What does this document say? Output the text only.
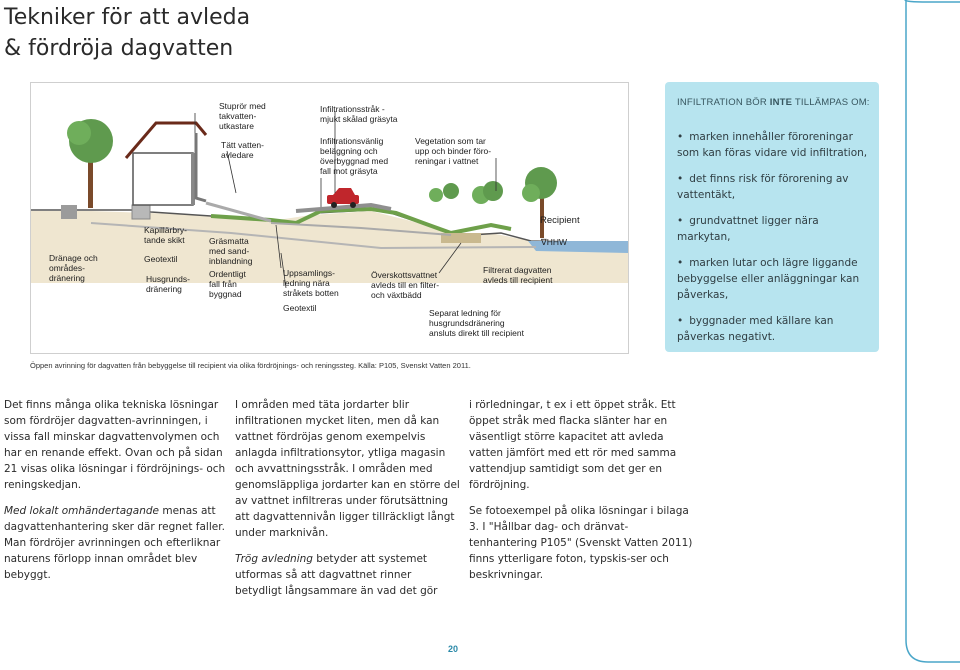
Tekniker för att avleda
& fördröja dagvatten
Stuprör med
takvatten-
utkastare
Tätt vatten-
avledare
Infiltrationsstråk -
mjukt skålad gräsyta
Infiltrationsvänlig
beläggning och
överbyggnad med
fall mot gräsyta
Vegetation som tar
upp och binder föro-
reningar i vattnet
Recipient
∇HHW
Dränage och
områdes-
dränering
Kapillärbry-
tande skikt
Geotextil
Husgrunds-
dränering
Gräsmatta
med sand-
inblandning
Ordentligt
fall från
byggnad
Uppsamlings-
ledning nära
stråkets botten
Geotextil
Överskottsvattnet
avleds till en filter-
och växtbädd
Filtrerat dagvatten
avleds till recipient
Separat ledning för
husgrundsdränering
ansluts direkt till recipient
INFILTRATION BÖR INTE TILLÄMPAS OM:
• marken innehåller föroreningar som kan föras vidare vid infiltration,
• det finns risk för förorening av vattentäkt,
• grundvattnet ligger nära markytan,
• marken lutar och lägre liggande bebyggelse eller anläggningar kan påverkas,
• byggnader med källare kan påverkas negativt.
Öppen avrinning för dagvatten från bebyggelse till recipient via olika fördröjnings- och reningssteg. Källa: P105, Svenskt Vatten 2011.

Det finns många olika tekniska lösningar som fördröjer dagvatten-avrinningen, i vissa fall minskar dagvattenvolymen och har en renande effekt. Ovan och på sidan 21 visas olika lösningar i fördröjnings- och reningskedjan.

Med lokalt omhändertagande menas att dagvattenhantering sker där regnet faller. Man fördröjer avrinningen och efterliknar naturens förlopp innan området blev bebyggt.

I områden med täta jordarter blir infiltrationen mycket liten, men då kan vattnet fördröjas genom exempelvis anlagda infiltrationsytor, ytliga magasin och avvattningsstråk. I områden med genomsläppliga jordarter kan en större del av vattnet infiltreras under förutsättning att dagvattennivån ligger tillräckligt långt under marknivån.

Trög avledning betyder att systemet utformas så att dagvattnet rinner betydligt långsammare än vad det gör

i rörledningar, t ex i ett öppet stråk. Ett öppet stråk med flacka slänter har en väsentligt större kapacitet att avleda vatten jämfört med ett rör med samma vattendjup samtidigt som det ger en fördröjning.

Se fotoexempel på olika lösningar i bilaga 3. I "Hållbar dag- och dränvat-tenhantering P105" (Svenskt Vatten 2011) finns ytterligare foton, typskis-ser och beskrivningar.

20
